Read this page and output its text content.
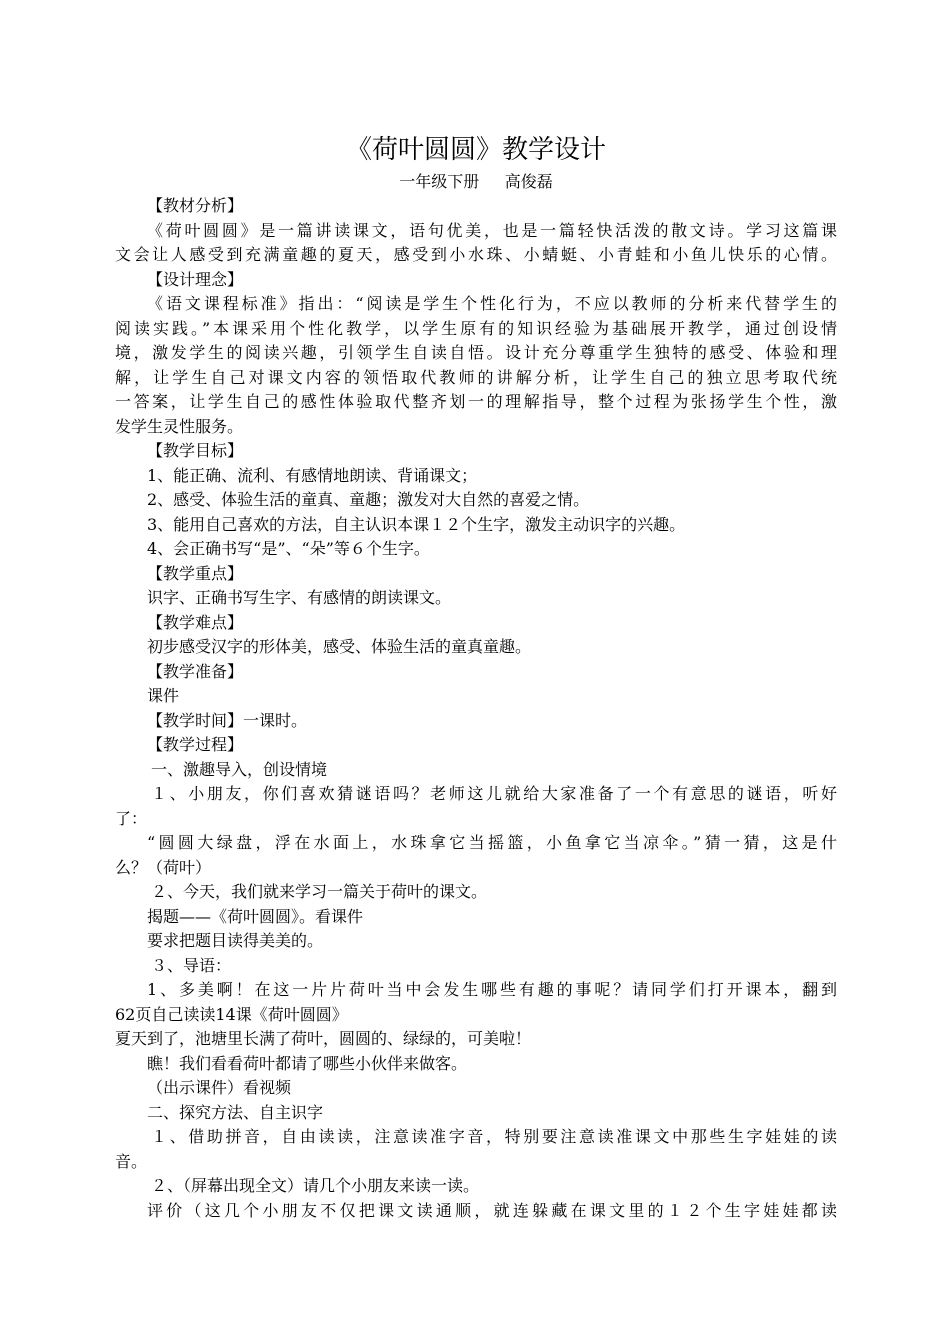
《荷叶圆圆》教学设计
一年级下册     高俊磊
【教材分析】
《荷叶圆圆》是一篇讲读课文，语句优美，也是一篇轻快活泼的散文诗。学习这篇课
文会让人感受到充满童趣的夏天，感受到小水珠、小蜻蜓、小青蛙和小鱼儿快乐的心情。
【设计理念】
《语文课程标准》指出：“阅读是学生个性化行为，不应以教师的分析来代替学生的
阅读实践。”本课采用个性化教学，以学生原有的知识经验为基础展开教学，通过创设情
境，激发学生的阅读兴趣，引领学生自读自悟。设计充分尊重学生独特的感受、体验和理
解，让学生自己对课文内容的领悟取代教师的讲解分析，让学生自己的独立思考取代统
一答案，让学生自己的感性体验取代整齐划一的理解指导，整个过程为张扬学生个性，激
发学生灵性服务。
【教学目标】
1、能正确、流利、有感情地朗读、背诵课文；
2、感受、体验生活的童真、童趣；激发对大自然的喜爱之情。
3、能用自己喜欢的方法，自主认识本课１２个生字，激发主动识字的兴趣。
4、会正确书写“是”、“朵”等６个生字。
【教学重点】
识字、正确书写生字、有感情的朗读课文。
【教学难点】
初步感受汉字的形体美，感受、体验生活的童真童趣。
【教学准备】
课件
【教学时间】一课时。
【教学过程】
一、激趣导入，创设情境
１、小朋友，你们喜欢猜谜语吗？老师这儿就给大家准备了一个有意思的谜语，听好
了：
“圆圆大绿盘，浮在水面上，水珠拿它当摇篮，小鱼拿它当凉伞。”猜一猜，这是什
么？（荷叶）
２、今天，我们就来学习一篇关于荷叶的课文。
揭题——《荷叶圆圆》。看课件
要求把题目读得美美的。
３、导语：
1、多美啊！在这一片片荷叶当中会发生哪些有趣的事呢？请同学们打开课本，翻到
62页自己读读14课《荷叶圆圆》
夏天到了，池塘里长满了荷叶，圆圆的、绿绿的，可美啦！
瞧！我们看看荷叶都请了哪些小伙伴来做客。
（出示课件）看视频
二、探究方法、自主识字
１、借助拼音，自由读读，注意读准字音，特别要注意读准课文中那些生字娃娃的读
音。
２、（屏幕出现全文）请几个小朋友来读一读。
评价（这几个小朋友不仅把课文读通顺，就连躲藏在课文里的１２个生字娃娃都读
